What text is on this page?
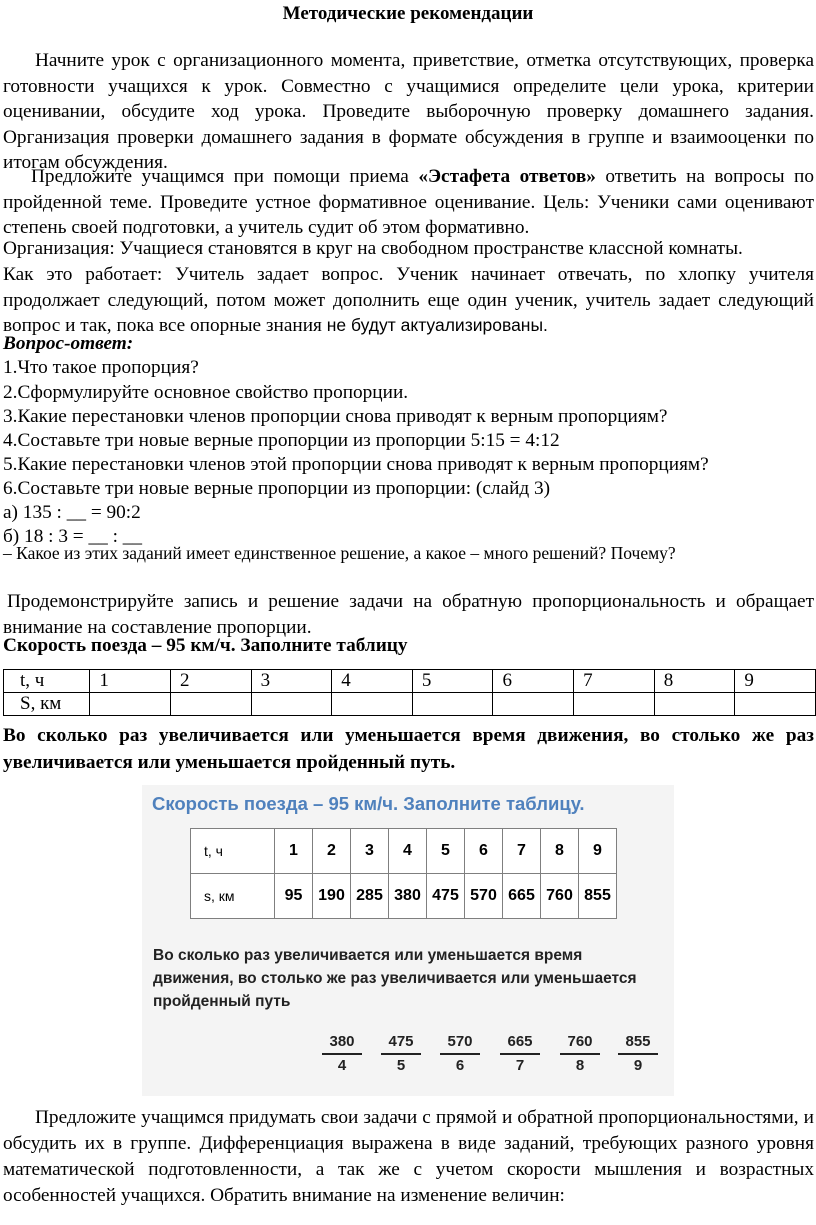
Методические рекомендации
Начните урок с организационного момента, приветствие, отметка отсутствующих, проверка готовности учащихся к урок. Совместно с учащимися определите цели урока, критерии оценивании, обсудите ход урока. Проведите выборочную проверку домашнего задания. Организация проверки домашнего задания в формате обсуждения в группе и взаимооценки по итогам обсуждения.
Предложите учащимся при помощи приема «Эстафета ответов» ответить на вопросы по пройденной теме. Проведите устное формативное оценивание. Цель: Ученики сами оценивают степень своей подготовки, а учитель судит об этом формативно.
Организация: Учащиеся становятся в круг на свободном пространстве классной комнаты.
Как это работает: Учитель задает вопрос. Ученик начинает отвечать, по хлопку учителя продолжает следующий, потом может дополнить еще один ученик, учитель задает следующий вопрос и так, пока все опорные знания не будут актуализированы.
Вопрос-ответ:
1.Что такое пропорция?
2.Сформулируйте основное свойство пропорции.
3.Какие перестановки членов пропорции снова приводят к верным пропорциям?
4.Составьте три новые верные пропорции из пропорции 5:15 = 4:12
5.Какие перестановки членов этой пропорции снова приводят к верным пропорциям?
6.Составьте три новые верные пропорции из пропорции: (слайд 3)
а) 135 : __ = 90:2
б) 18 : 3 = __ : __
– Какое из этих заданий имеет единственное решение, а какое – много решений? Почему?
Продемонстрируйте запись и решение задачи на обратную пропорциональность и обращает внимание на составление пропорции.
Скорость поезда – 95 км/ч. Заполните таблицу
t, ч	1	2	3	4	5	6	7	8	9
S, км									
Во сколько раз увеличивается или уменьшается время движения, во столько же раз увеличивается или уменьшается пройденный путь.
Скорость поезда – 95 км/ч. Заполните таблицу.
t, ч	1	2	3	4	5	6	7	8	9
s, км	95	190	285	380	475	570	665	760	855
Во сколько раз увеличивается или уменьшается время движения, во столько же раз увеличивается или уменьшается пройденный путь
$\frac{380}{4} \frac{475}{5} \frac{570}{6} \frac{665}{7} \frac{760}{8} \frac{855}{9}$
Предложите учащимся придумать свои задачи с прямой и обратной пропорциональностями, и обсудить их в группе. Дифференциация выражена в виде заданий, требующих разного уровня математической подготовленности, а так же с учетом скорости мышления и возрастных особенностей учащихся. Обратить внимание на изменение величин:
